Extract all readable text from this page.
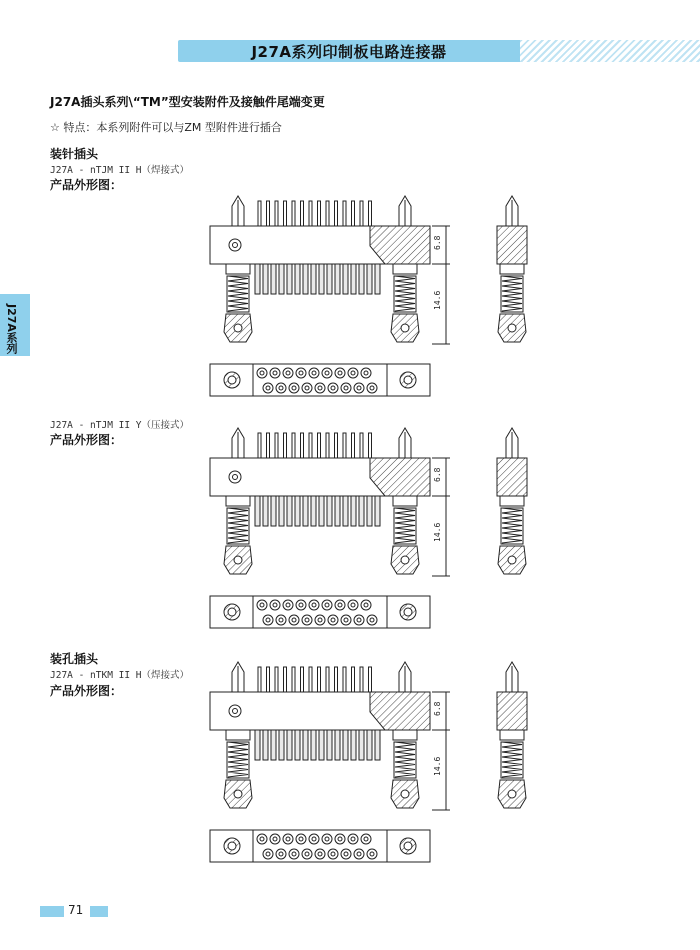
J27A系列印制板电路连接器
J27A系列
J27A插头系列\“TM”型安装附件及接触件尾端变更
☆ 特点：本系列附件可以与ZM 型附件进行插合
装针插头
J27A - nTJM II H（焊接式）
产品外形图：
J27A - nTJM II Y（压接式）
产品外形图：
装孔插头
J27A - nTKM II H（焊接式）
产品外形图：
6.8
14.6
6.8
14.6
6.8
14.6
71
